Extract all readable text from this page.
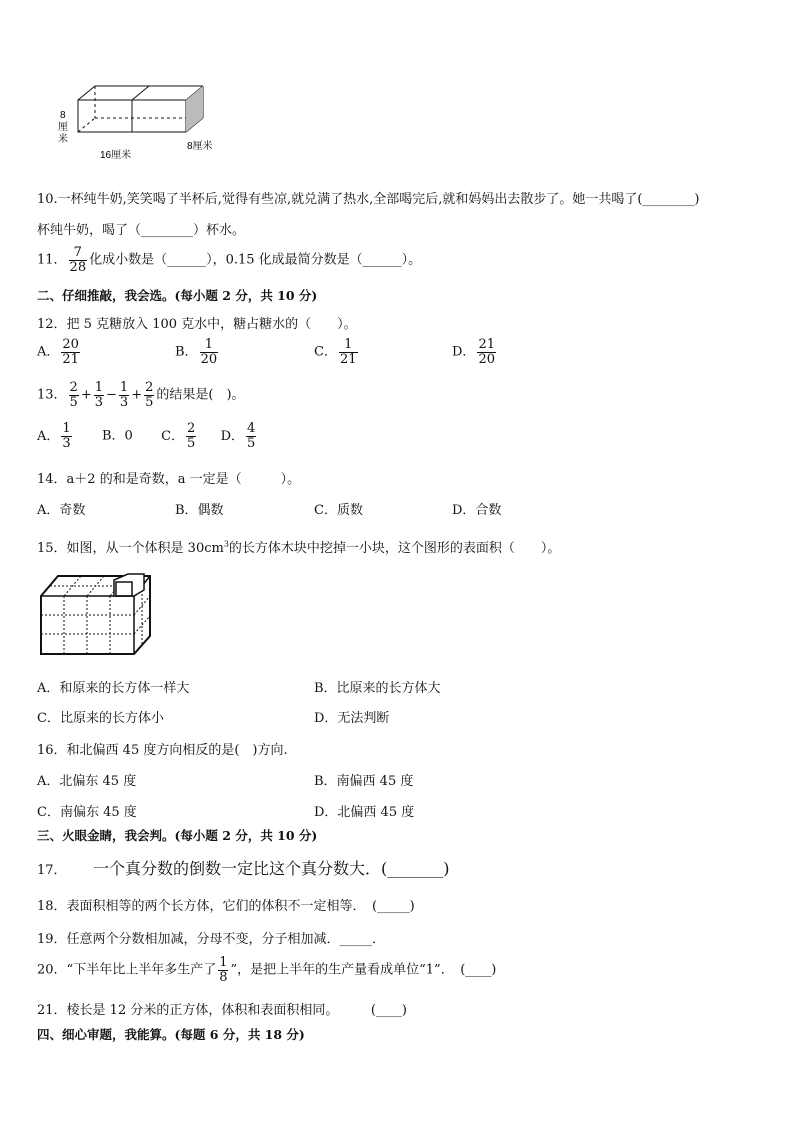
8
厘
米
16厘米
8厘米
10.一杯纯牛奶,笑笑喝了半杯后,觉得有些凉,就兑满了热水,全部喝完后,就和妈妈出去散步了。她一共喝了(________)
杯纯牛奶，喝了（________）杯水。
11． $\frac{7}{28}$ 化成小数是（______），0.15 化成最简分数是（______）。
二、仔细推敲，我会选。(每小题 2 分，共 10 分)
12．把 5 克糖放入 100 克水中，糖占糖水的（　　）。
A． $\frac{20}{21}$	B． $\frac{1}{20}$	C． $\frac{1}{21}$	D． $\frac{21}{20}$
13． $\frac{2}{5} + \frac{1}{3} - \frac{1}{3} + \frac{2}{5}$ 的结果是(　)。
A． $\frac{1}{3}$ B．0 C． $\frac{2}{5}$ D． $\frac{4}{5}$
14．a＋2 的和是奇数，a 一定是（　　　）。
A．奇数	B．偶数	C．质数	D．合数
15．如图，从一个体积是 $30cm^3$的长方体木块中挖掉一小块，这个图形的表面积（　　）。
A．和原来的长方体一样大	B．比原来的长方体大
C．比原来的长方体小	D．无法判断
16．和北偏西 45 度方向相反的是(　)方向.
A．北偏东 45 度	B．南偏西 45 度
C．南偏东 45 度	D．北偏西 45 度
三、火眼金睛，我会判。(每小题 2 分，共 10 分)
17． 一个真分数的倒数一定比这个真分数大．(_______)
18．表面积相等的两个长方体，它们的体积不一定相等．　(_____)
19．任意两个分数相加减，分母不变，分子相加减．_____．
20．“下半年比上半年多生产了 $\frac{1}{8}$ ”，是把上半年的生产量看成单位“1”．　(____)
21．棱长是 12 分米的正方体，体积和表面积相同。　　　(____)
四、细心审题，我能算。(每题 6 分，共 18 分)
